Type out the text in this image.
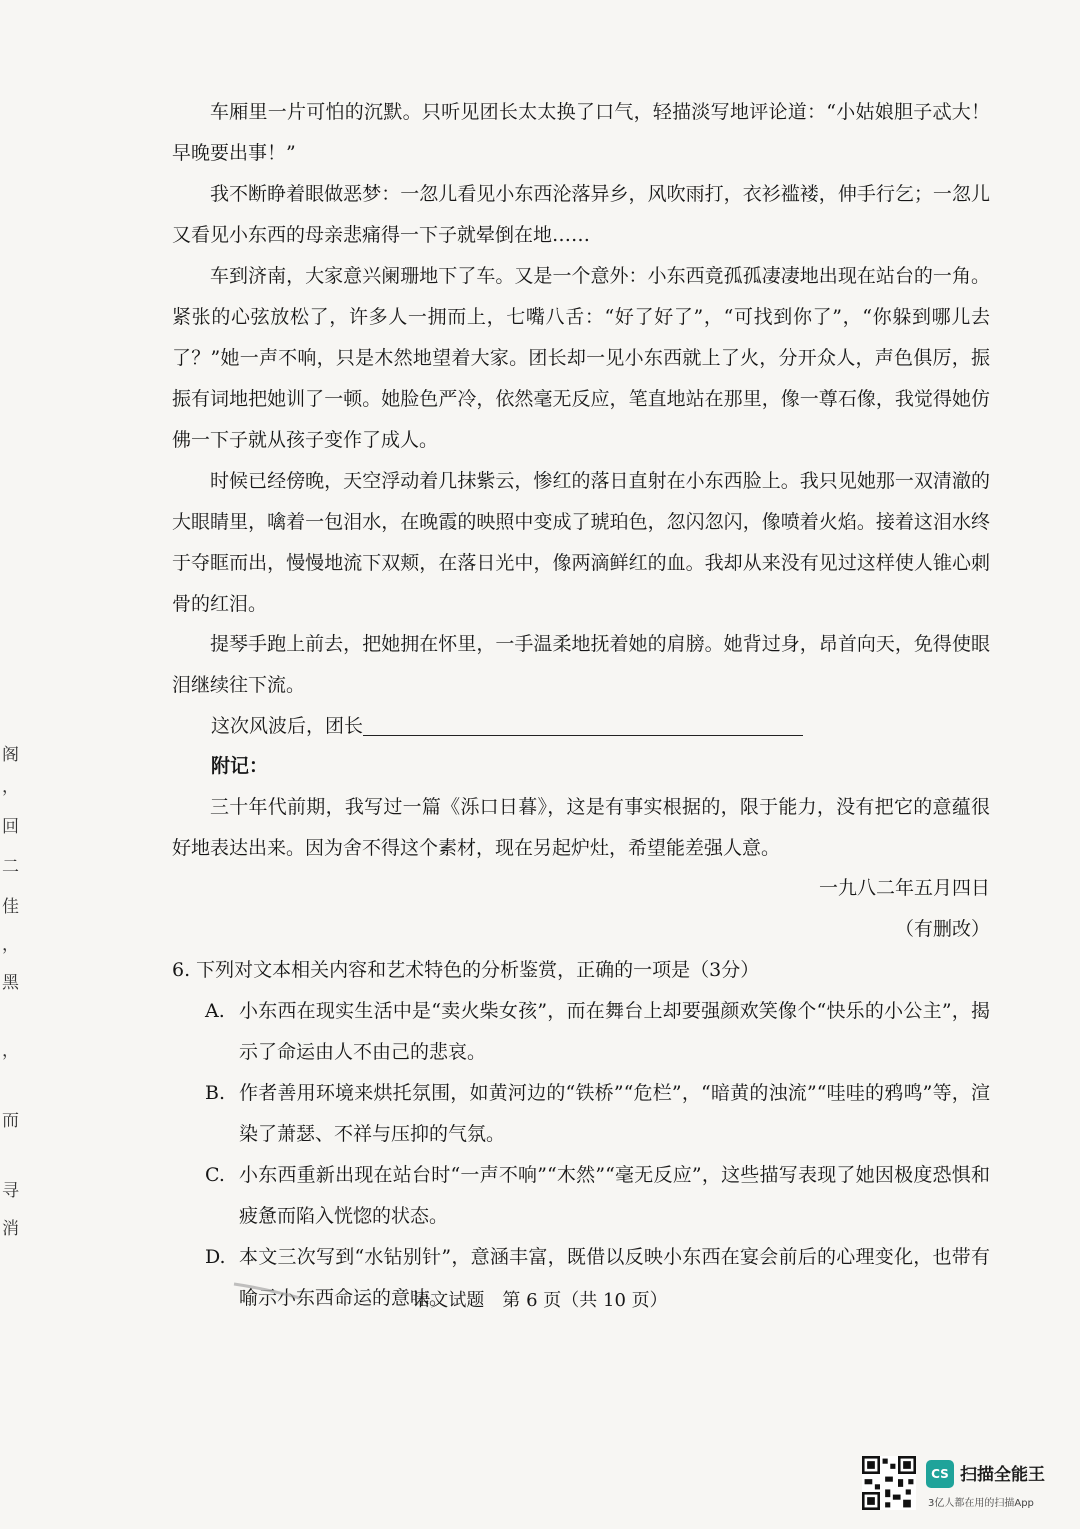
阁
，
回
二
佳
，
黑
，
而
寻
消

车厢里一片可怕的沉默。只听见团长太太换了口气，轻描淡写地评论道：“小姑娘胆子忒大！早晚要出事！”

我不断睁着眼做恶梦：一忽儿看见小东西沦落异乡，风吹雨打，衣衫褴褛，伸手行乞；一忽儿又看见小东西的母亲悲痛得一下子就晕倒在地……

车到济南，大家意兴阑珊地下了车。又是一个意外：小东西竟孤孤凄凄地出现在站台的一角。紧张的心弦放松了，许多人一拥而上，七嘴八舌：“好了好了”，“可找到你了”，“你躲到哪儿去了？”她一声不响，只是木然地望着大家。团长却一见小东西就上了火，分开众人，声色俱厉，振振有词地把她训了一顿。她脸色严冷，依然毫无反应，笔直地站在那里，像一尊石像，我觉得她仿佛一下子就从孩子变作了成人。

时候已经傍晚，天空浮动着几抹紫云，惨红的落日直射在小东西脸上。我只见她那一双清澈的大眼睛里，噙着一包泪水，在晚霞的映照中变成了琥珀色，忽闪忽闪，像喷着火焰。接着这泪水终于夺眶而出，慢慢地流下双颊，在落日光中，像两滴鲜红的血。我却从来没有见过这样使人锥心刺骨的红泪。

提琴手跑上前去，把她拥在怀里，一手温柔地抚着她的肩膀。她背过身，昂首向天，免得使眼泪继续往下流。

这次风波后，团长
附记：

三十年代前期，我写过一篇《泺口日暮》，这是有事实根据的，限于能力，没有把它的意蕴很好地表达出来。因为舍不得这个素材，现在另起炉灶，希望能差强人意。

一九八二年五月四日
（有删改）
6. 下列对文本相关内容和艺术特色的分析鉴赏，正确的一项是（3分）
A. 小东西在现实生活中是“卖火柴女孩”，而在舞台上却要强颜欢笑像个“快乐的小公主”，揭示了命运由人不由己的悲哀。
B. 作者善用环境来烘托氛围，如黄河边的“铁桥”“危栏”，“暗黄的浊流”“哇哇的鸦鸣”等，渲染了萧瑟、不祥与压抑的气氛。
C. 小东西重新出现在站台时“一声不响”“木然”“毫无反应”，这些描写表现了她因极度恐惧和疲惫而陷入恍惚的状态。
D. 本文三次写到“水钻别针”，意涵丰富，既借以反映小东西在宴会前后的心理变化，也带有喻示小东西命运的意味。
语文试题　第 6 页（共 10 页）
CS 扫描全能王
3亿人都在用的扫描App
